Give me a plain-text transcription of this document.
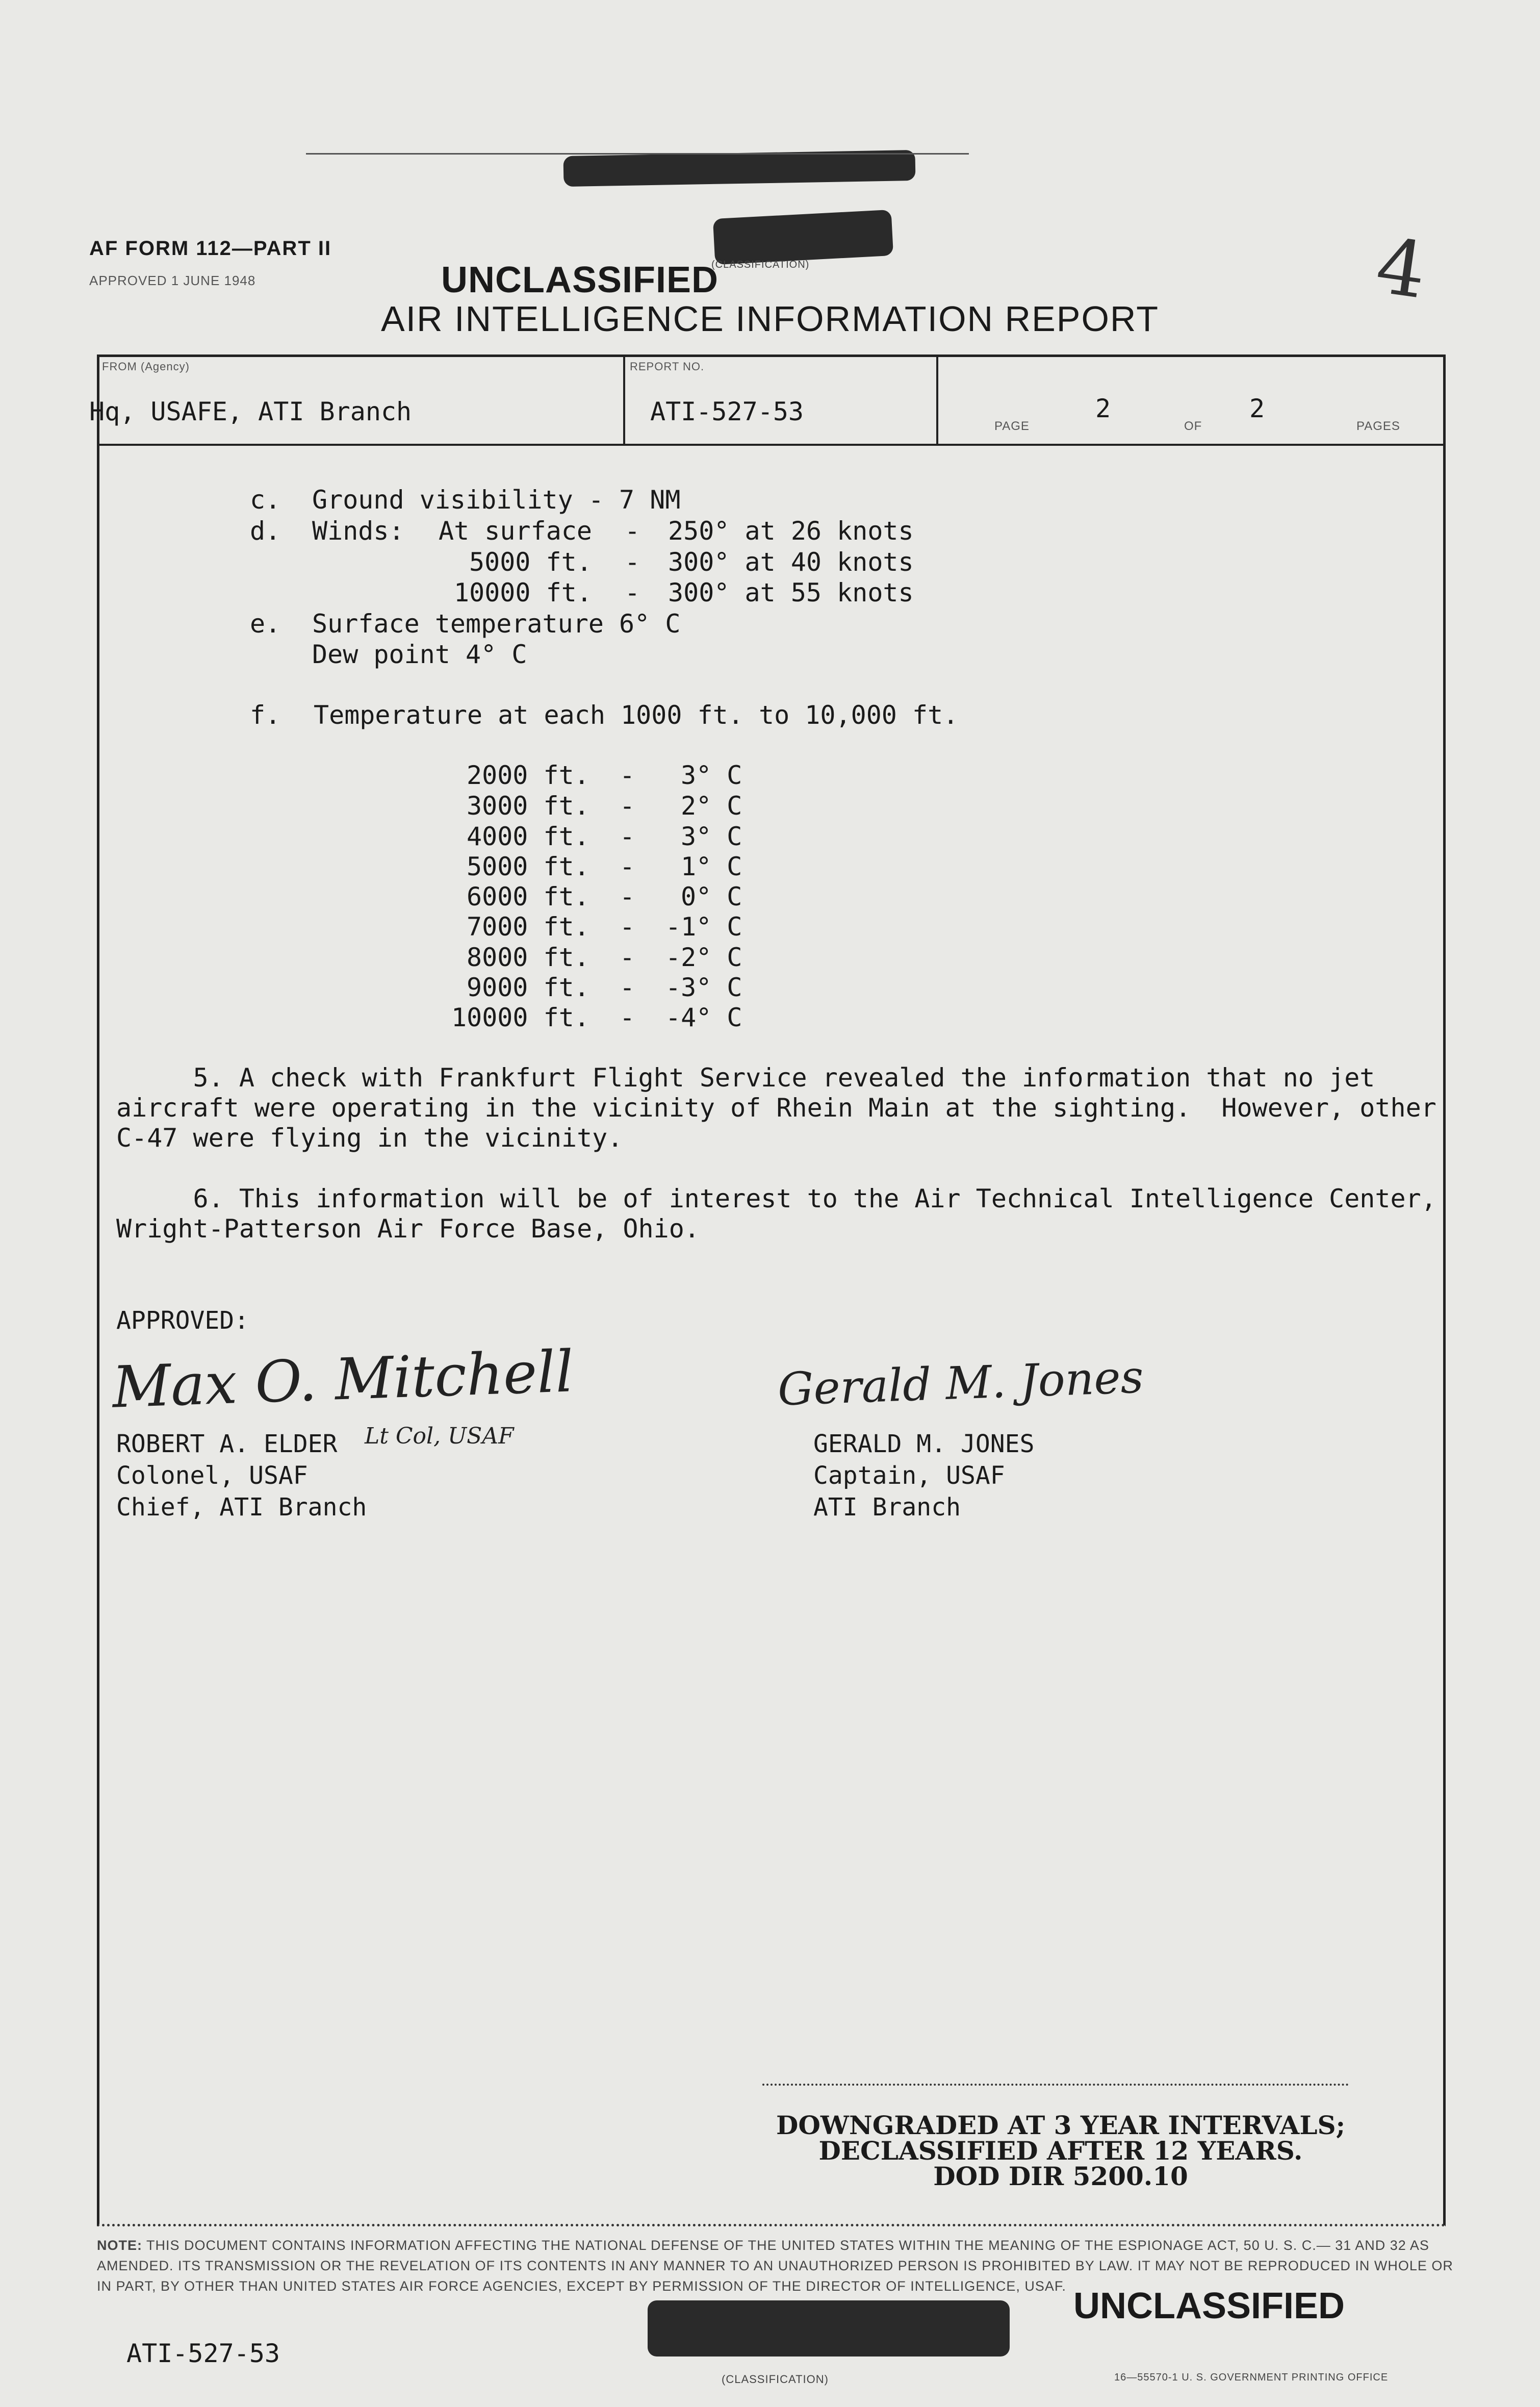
AF FORM 112—PART II
APPROVED 1 JUNE 1948	UNCLASSIFIED
(CLASSIFICATION)
AIR INTELLIGENCE INFORMATION REPORT
4
FROM (Agency)
Hq, USAFE, ATI Branch
REPORT NO.
ATI-527-53	PAGE
2
OF
2
PAGES
c. Ground visibility - 7 NM
d. Winds: At surface - 250° at 26 knots
5000 ft. - 300° at 40 knots
10000 ft. - 300° at 55 knots
e. Surface temperature 6° C
Dew point 4° C
f. Temperature at each 1000 ft. to 10,000 ft.
2000 ft. - 3° C
3000 ft. - 2° C
4000 ft. - 3° C
5000 ft. - 1° C
6000 ft. - 0° C
7000 ft. - -1° C
8000 ft. - -2° C
9000 ft. - -3° C
10000 ft. - -4° C
5. A check with Frankfurt Flight Service revealed the information that no jet
aircraft were operating in the vicinity of Rhein Main at the sighting.  However, other
C-47 were flying in the vicinity.
6. This information will be of interest to the Air Technical Intelligence Center,
Wright-Patterson Air Force Base, Ohio.
APPROVED:
Max O. Mitchell
ROBERT A. ELDER Lt Col, USAF
Colonel, USAF
Chief, ATI Branch
Gerald M. Jones
GERALD M. JONES
Captain, USAF
ATI Branch
DOWNGRADED AT 3 YEAR INTERVALS;
DECLASSIFIED AFTER 12 YEARS.
DOD DIR 5200.10
NOTE: THIS DOCUMENT CONTAINS INFORMATION AFFECTING THE NATIONAL DEFENSE OF THE UNITED STATES WITHIN THE MEANING OF THE ESPIONAGE ACT, 50 U. S. C.— 31 AND 32 AS AMENDED. ITS TRANSMISSION OR THE REVELATION OF ITS CONTENTS IN ANY MANNER TO AN UNAUTHORIZED PERSON IS PROHIBITED BY LAW. IT MAY NOT BE REPRODUCED IN WHOLE OR IN PART, BY OTHER THAN UNITED STATES AIR FORCE AGENCIES, EXCEPT BY PERMISSION OF THE DIRECTOR OF INTELLIGENCE, USAF. UNCLASSIFIED
ATI-527-53
(CLASSIFICATION)	16—55570-1 U. S. GOVERNMENT PRINTING OFFICE
